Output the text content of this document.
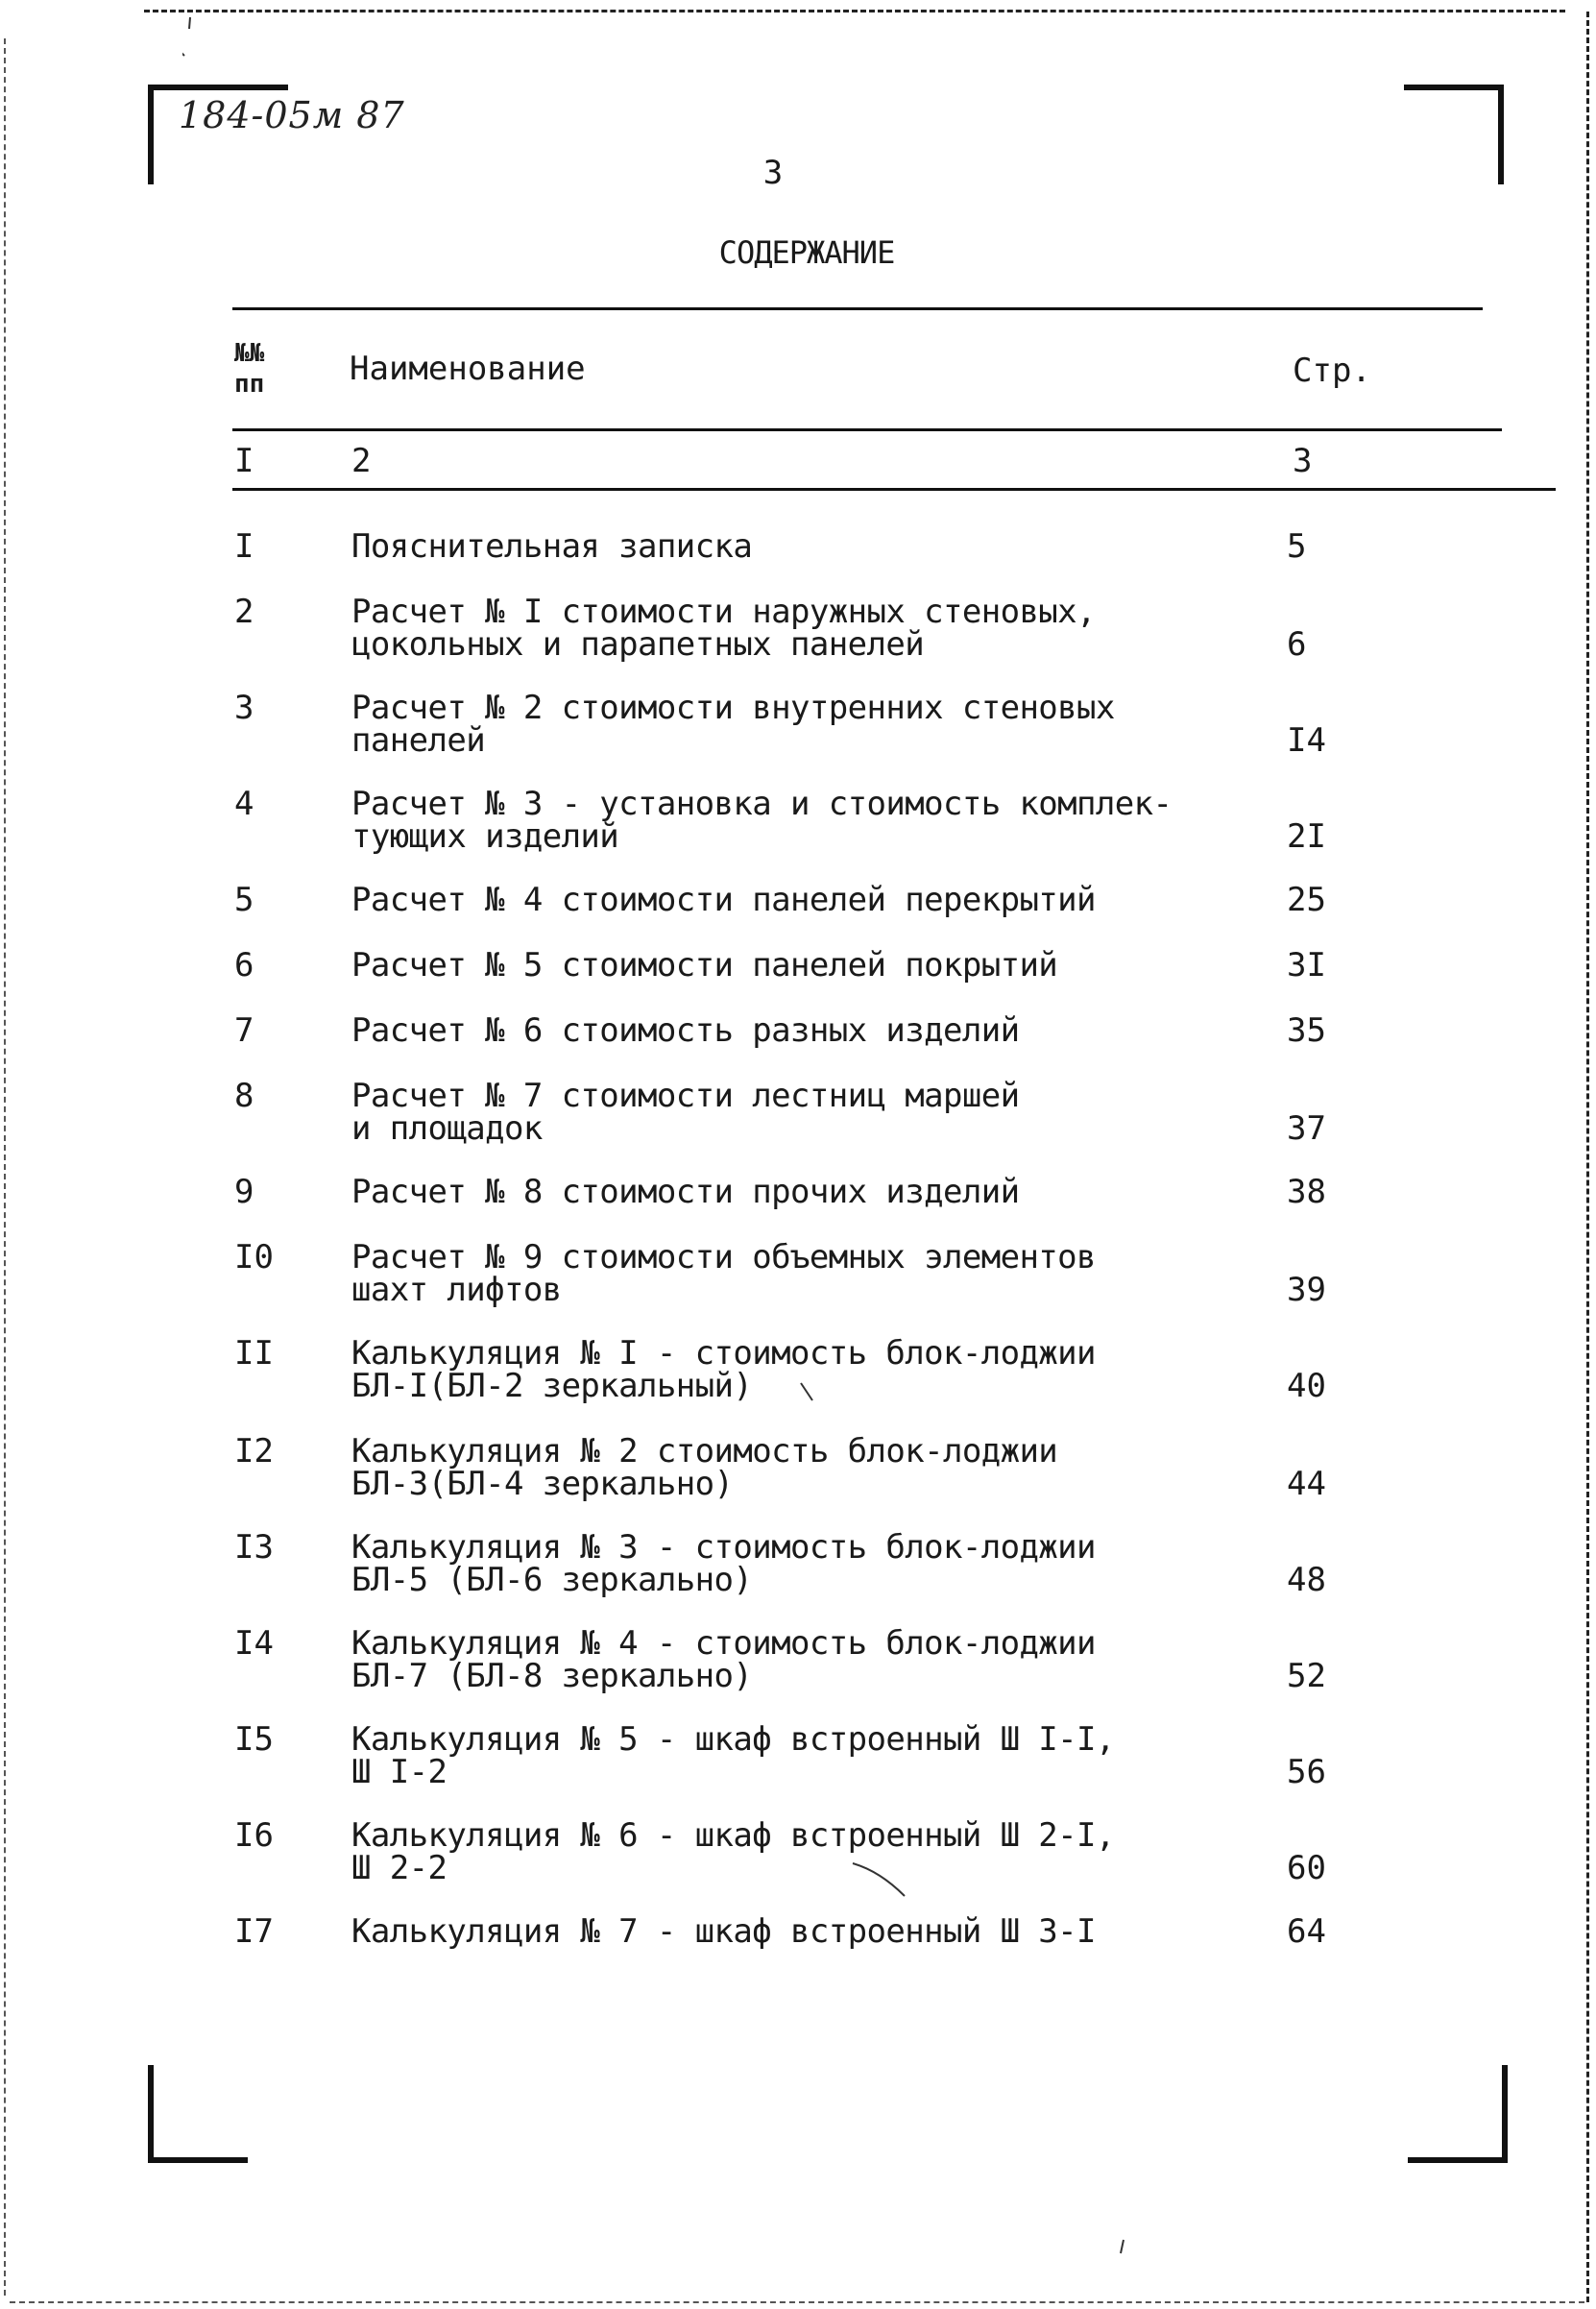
184-05м 87
3
СОДЕРЖАНИЕ
№№
пп	Наименование	Стр.
I	2	3
I	Пояснительная записка	5
2	Расчет № I стоимости наружных стеновых,
цокольных и парапетных панелей	6
3	Расчет № 2 стоимости внутренних стеновых
панелей	I4
4	Расчет № 3 - установка и стоимость комплек-
тующих изделий	2I
5	Расчет № 4 стоимости панелей перекрытий	25
6	Расчет № 5 стоимости панелей покрытий	3I
7	Расчет № 6 стоимость разных изделий	35
8	Расчет № 7 стоимости лестниц маршей
и площадок	37
9	Расчет № 8 стоимости прочих изделий	38
I0 Расчет № 9 стоимости объемных элементов
шахт лифтов	39
II Калькуляция № I - стоимость блок-лоджии
БЛ-I(БЛ-2 зеркальный)	40
I2 Калькуляция № 2 стоимость блок-лоджии
БЛ-3(БЛ-4 зеркально)	44
I3 Калькуляция № 3 - стоимость блок-лоджии
БЛ-5 (БЛ-6 зеркально)	48
I4 Калькуляция № 4 - стоимость блок-лоджии
БЛ-7 (БЛ-8 зеркально)	52
I5 Калькуляция № 5 - шкаф встроенный Ш I-I,
Ш I-2	56
I6 Калькуляция № 6 - шкаф встроенный Ш 2-I,
Ш 2-2	60
I7 Калькуляция № 7 - шкаф встроенный Ш 3-I	64
